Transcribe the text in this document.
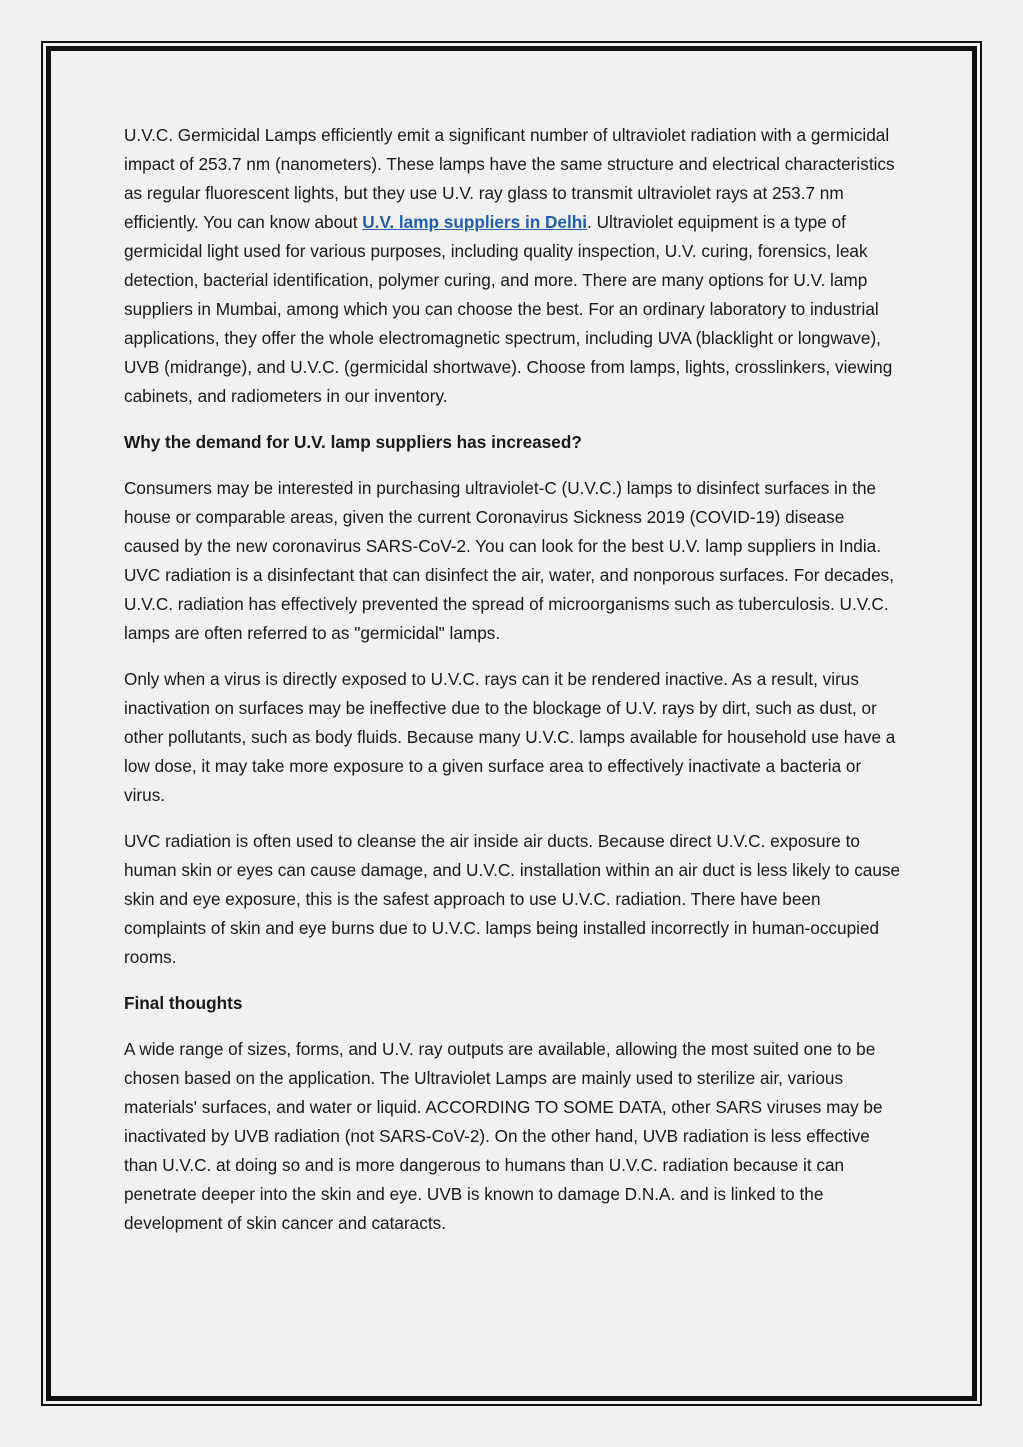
U.V.C. Germicidal Lamps efficiently emit a significant number of ultraviolet radiation with a germicidal impact of 253.7 nm (nanometers). These lamps have the same structure and electrical characteristics as regular fluorescent lights, but they use U.V. ray glass to transmit ultraviolet rays at 253.7 nm efficiently. You can know about U.V. lamp suppliers in Delhi. Ultraviolet equipment is a type of germicidal light used for various purposes, including quality inspection, U.V. curing, forensics, leak detection, bacterial identification, polymer curing, and more. There are many options for U.V. lamp suppliers in Mumbai, among which you can choose the best. For an ordinary laboratory to industrial applications, they offer the whole electromagnetic spectrum, including UVA (blacklight or longwave), UVB (midrange), and U.V.C. (germicidal shortwave). Choose from lamps, lights, crosslinkers, viewing cabinets, and radiometers in our inventory.

Why the demand for U.V. lamp suppliers has increased?

Consumers may be interested in purchasing ultraviolet-C (U.V.C.) lamps to disinfect surfaces in the house or comparable areas, given the current Coronavirus Sickness 2019 (COVID-19) disease caused by the new coronavirus SARS-CoV-2. You can look for the best U.V. lamp suppliers in India. UVC radiation is a disinfectant that can disinfect the air, water, and nonporous surfaces. For decades, U.V.C. radiation has effectively prevented the spread of microorganisms such as tuberculosis. U.V.C. lamps are often referred to as "germicidal" lamps.

Only when a virus is directly exposed to U.V.C. rays can it be rendered inactive. As a result, virus inactivation on surfaces may be ineffective due to the blockage of U.V. rays by dirt, such as dust, or other pollutants, such as body fluids. Because many U.V.C. lamps available for household use have a low dose, it may take more exposure to a given surface area to effectively inactivate a bacteria or virus.

UVC radiation is often used to cleanse the air inside air ducts. Because direct U.V.C. exposure to human skin or eyes can cause damage, and U.V.C. installation within an air duct is less likely to cause skin and eye exposure, this is the safest approach to use U.V.C. radiation. There have been complaints of skin and eye burns due to U.V.C. lamps being installed incorrectly in human-occupied rooms.

Final thoughts

A wide range of sizes, forms, and U.V. ray outputs are available, allowing the most suited one to be chosen based on the application. The Ultraviolet Lamps are mainly used to sterilize air, various materials' surfaces, and water or liquid. ACCORDING TO SOME DATA, other SARS viruses may be inactivated by UVB radiation (not SARS-CoV-2). On the other hand, UVB radiation is less effective than U.V.C. at doing so and is more dangerous to humans than U.V.C. radiation because it can penetrate deeper into the skin and eye. UVB is known to damage D.N.A. and is linked to the development of skin cancer and cataracts.
